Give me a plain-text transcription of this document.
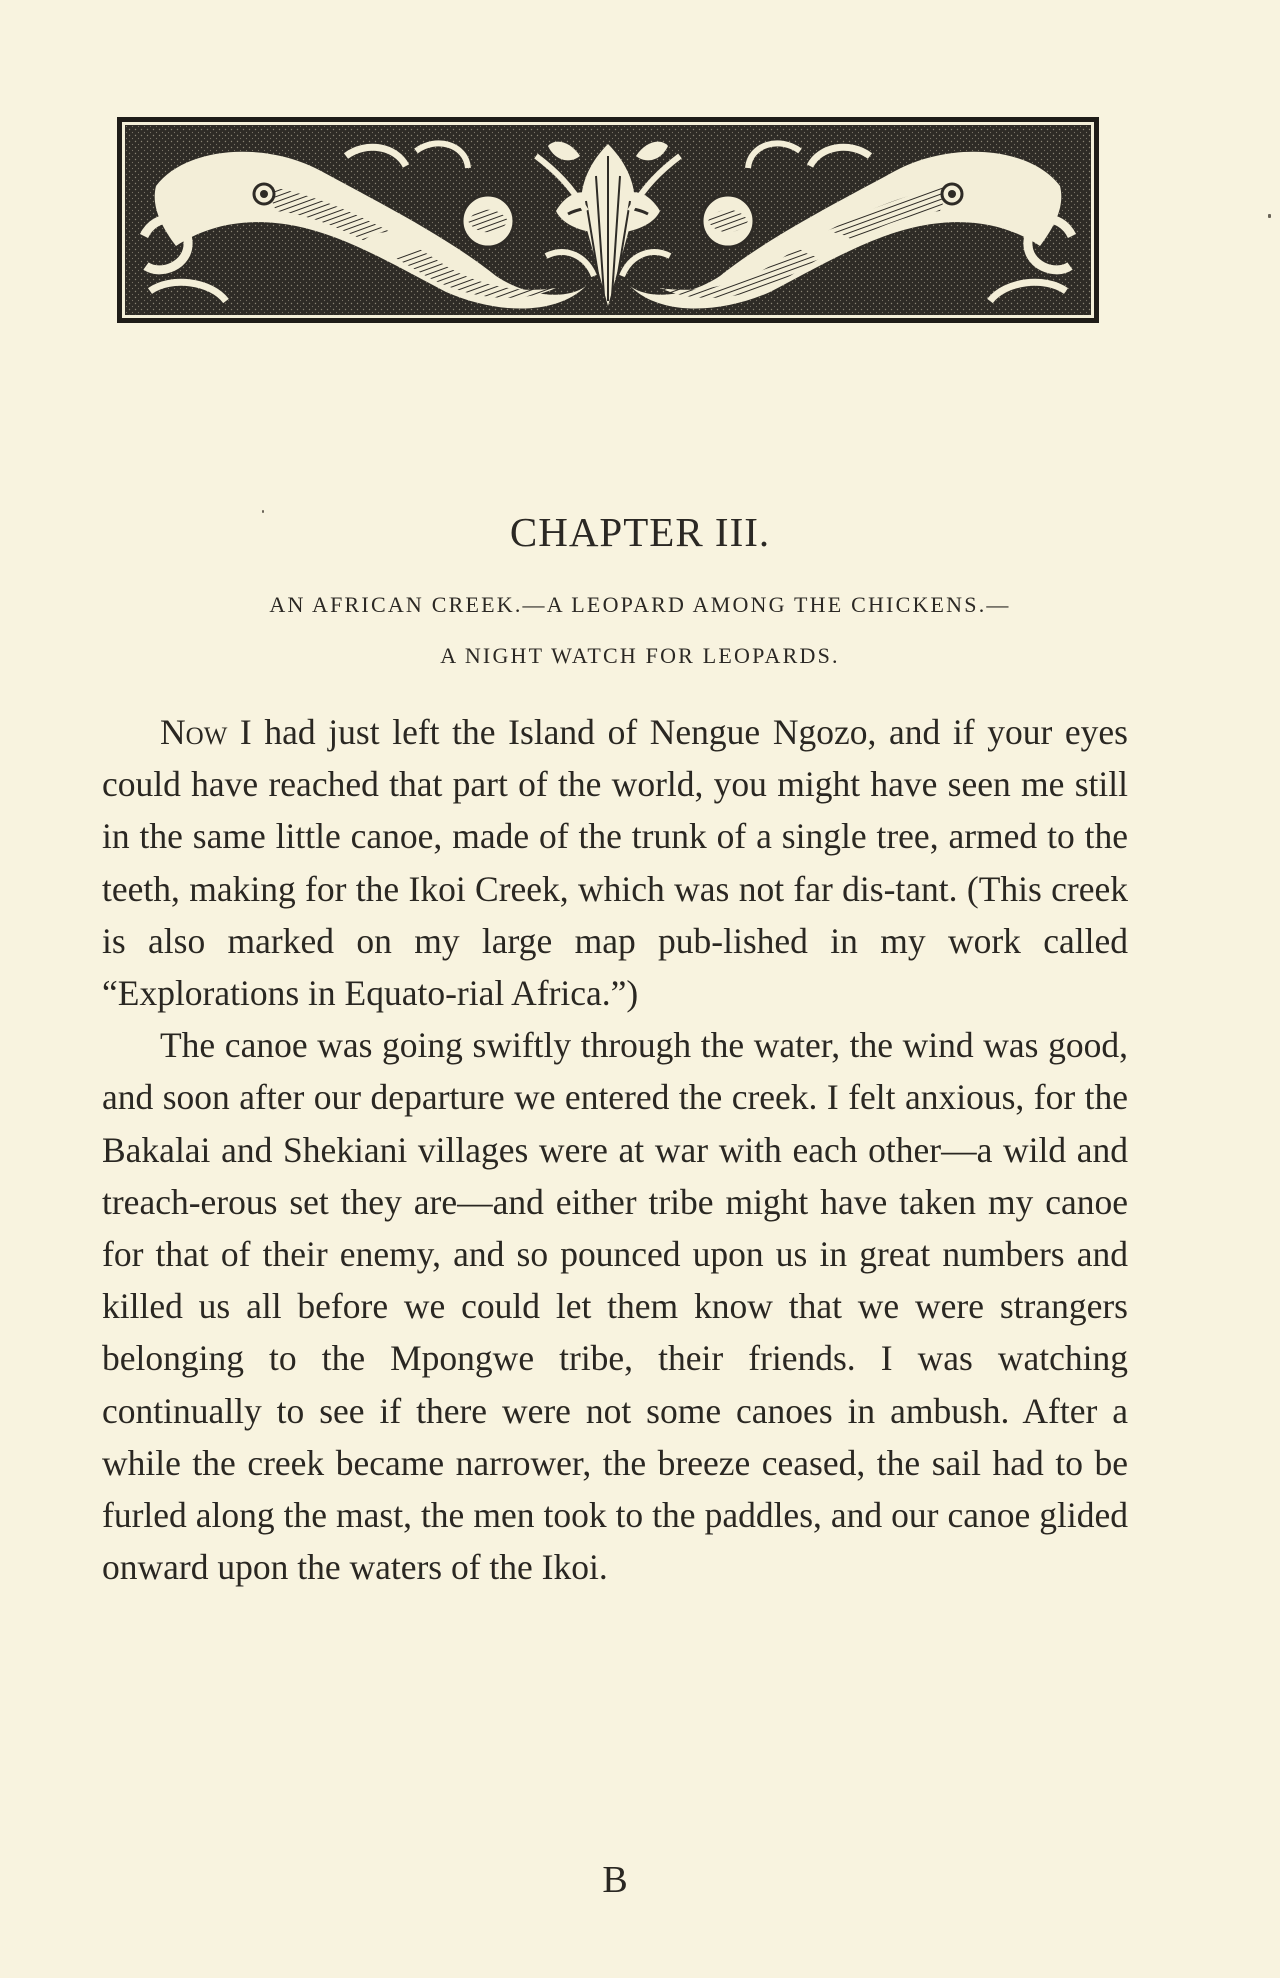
CHAPTER III.
AN AFRICAN CREEK.—A LEOPARD AMONG THE CHICKENS.—
A NIGHT WATCH FOR LEOPARDS.

Now I had just left the Island of Nengue Ngozo, and if your eyes could have reached that part of the world, you might have seen me still in the same little canoe, made of the trunk of a single tree, armed to the teeth, making for the Ikoi Creek, which was not far dis-tant. (This creek is also marked on my large map pub-lished in my work called “Explorations in Equato-rial Africa.”)

The canoe was going swiftly through the water, the wind was good, and soon after our departure we entered the creek. I felt anxious, for the Bakalai and Shekiani villages were at war with each other—a wild and treach-erous set they are—and either tribe might have taken my canoe for that of their enemy, and so pounced upon us in great numbers and killed us all before we could let them know that we were strangers belonging to the Mpongwe tribe, their friends. I was watching continually to see if there were not some canoes in ambush. After a while the creek became narrower, the breeze ceased, the sail had to be furled along the mast, the men took to the paddles, and our canoe glided onward upon the waters of the Ikoi.

B
